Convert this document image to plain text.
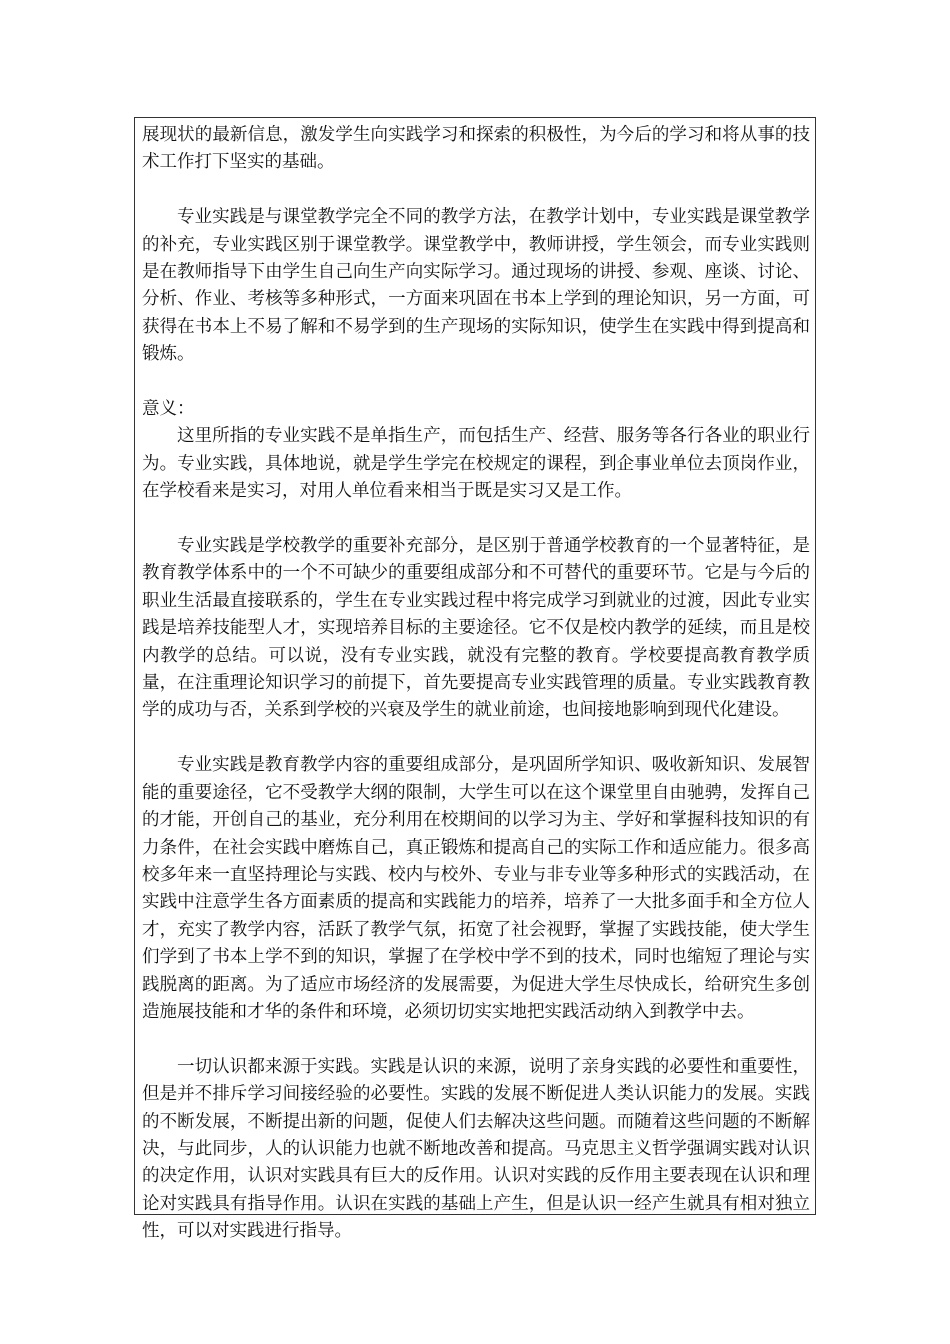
展现状的最新信息，激发学生向实践学习和探索的积极性，为今后的学习和将从事的技术工作打下坚实的基础。

专业实践是与课堂教学完全不同的教学方法，在教学计划中，专业实践是课堂教学的补充，专业实践区别于课堂教学。课堂教学中，教师讲授，学生领会，而专业实践则是在教师指导下由学生自己向生产向实际学习。通过现场的讲授、参观、座谈、讨论、分析、作业、考核等多种形式，一方面来巩固在书本上学到的理论知识，另一方面，可获得在书本上不易了解和不易学到的生产现场的实际知识，使学生在实践中得到提高和锻炼。

意义：

这里所指的专业实践不是单指生产，而包括生产、经营、服务等各行各业的职业行为。专业实践，具体地说，就是学生学完在校规定的课程，到企事业单位去顶岗作业，在学校看来是实习，对用人单位看来相当于既是实习又是工作。

专业实践是学校教学的重要补充部分，是区别于普通学校教育的一个显著特征，是教育教学体系中的一个不可缺少的重要组成部分和不可替代的重要环节。它是与今后的职业生活最直接联系的，学生在专业实践过程中将完成学习到就业的过渡，因此专业实践是培养技能型人才，实现培养目标的主要途径。它不仅是校内教学的延续，而且是校内教学的总结。可以说，没有专业实践，就没有完整的教育。学校要提高教育教学质量，在注重理论知识学习的前提下，首先要提高专业实践管理的质量。专业实践教育教学的成功与否，关系到学校的兴衰及学生的就业前途，也间接地影响到现代化建设。

专业实践是教育教学内容的重要组成部分，是巩固所学知识、吸收新知识、发展智能的重要途径，它不受教学大纲的限制，大学生可以在这个课堂里自由驰骋，发挥自己的才能，开创自己的基业，充分利用在校期间的以学习为主、学好和掌握科技知识的有力条件，在社会实践中磨炼自己，真正锻炼和提高自己的实际工作和适应能力。很多高校多年来一直坚持理论与实践、校内与校外、专业与非专业等多种形式的实践活动，在实践中注意学生各方面素质的提高和实践能力的培养，培养了一大批多面手和全方位人才，充实了教学内容，活跃了教学气氛，拓宽了社会视野，掌握了实践技能，使大学生们学到了书本上学不到的知识，掌握了在学校中学不到的技术，同时也缩短了理论与实践脱离的距离。为了适应市场经济的发展需要，为促进大学生尽快成长，给研究生多创造施展技能和才华的条件和环境，必须切切实实地把实践活动纳入到教学中去。

一切认识都来源于实践。实践是认识的来源，说明了亲身实践的必要性和重要性，但是并不排斥学习间接经验的必要性。实践的发展不断促进人类认识能力的发展。实践的不断发展，不断提出新的问题，促使人们去解决这些问题。而随着这些问题的不断解决，与此同步，人的认识能力也就不断地改善和提高。马克思主义哲学强调实践对认识的决定作用，认识对实践具有巨大的反作用。认识对实践的反作用主要表现在认识和理论对实践具有指导作用。认识在实践的基础上产生，但是认识一经产生就具有相对独立性，可以对实践进行指导。
